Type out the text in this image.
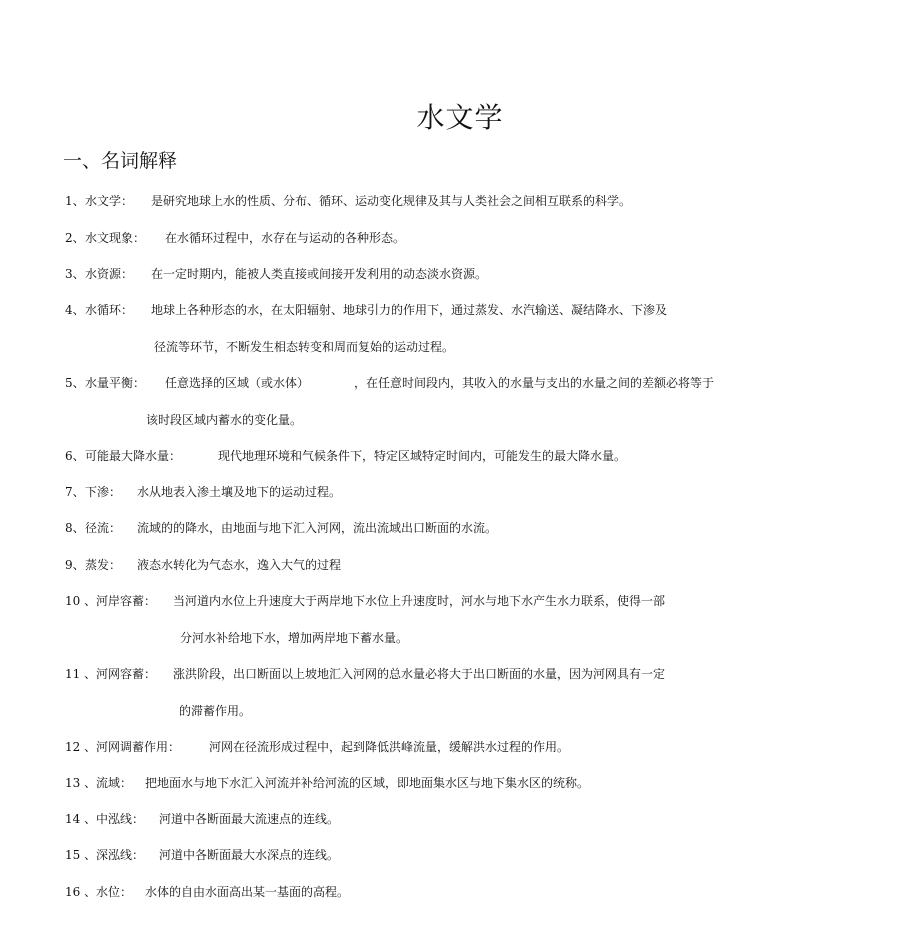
水文学
一、名词解释
1、 水文学： 是研究地球上水的性质、分布、循环、运动变化规律及其与人类社会之间相互联系的科学。
2、 水文现象： 在水循环过程中，水存在与运动的各种形态。
3、 水资源： 在一定时期内，能被人类直接或间接开发利用的动态淡水资源。
4、 水循环： 地球上各种形态的水，在太阳辐射、地球引力的作用下，通过蒸发、水汽输送、凝结降水、下渗及
径流等环节，不断发生相态转变和周而复始的运动过程。
5、 水量平衡： 任意选择的区域（或水体）	，在任意时间段内，其收入的水量与支出的水量之间的差额必将等于
该时段区域内蓄水的变化量。
6、 可能最大降水量：	现代地理环境和气候条件下，特定区域特定时间内，可能发生的最大降水量。
7、 下渗： 水从地表入渗土壤及地下的运动过程。
8、 径流： 流域的的降水，由地面与地下汇入河网，流出流域出口断面的水流。
9、 蒸发： 液态水转化为气态水，逸入大气的过程
10 、 河岸容蓄： 当河道内水位上升速度大于两岸地下水位上升速度时，河水与地下水产生水力联系，使得一部
分河水补给地下水，增加两岸地下蓄水量。
11 、 河网容蓄： 涨洪阶段，出口断面以上坡地汇入河网的总水量必将大于出口断面的水量，因为河网具有一定
的滞蓄作用。
12 、 河网调蓄作用： 河网在径流形成过程中，起到降低洪峰流量，缓解洪水过程的作用。
13 、 流域： 把地面水与地下水汇入河流并补给河流的区域，即地面集水区与地下集水区的统称。
14 、 中泓线： 河道中各断面最大流速点的连线。
15 、 深泓线： 河道中各断面最大水深点的连线。
16 、 水位： 水体的自由水面高出某一基面的高程。
